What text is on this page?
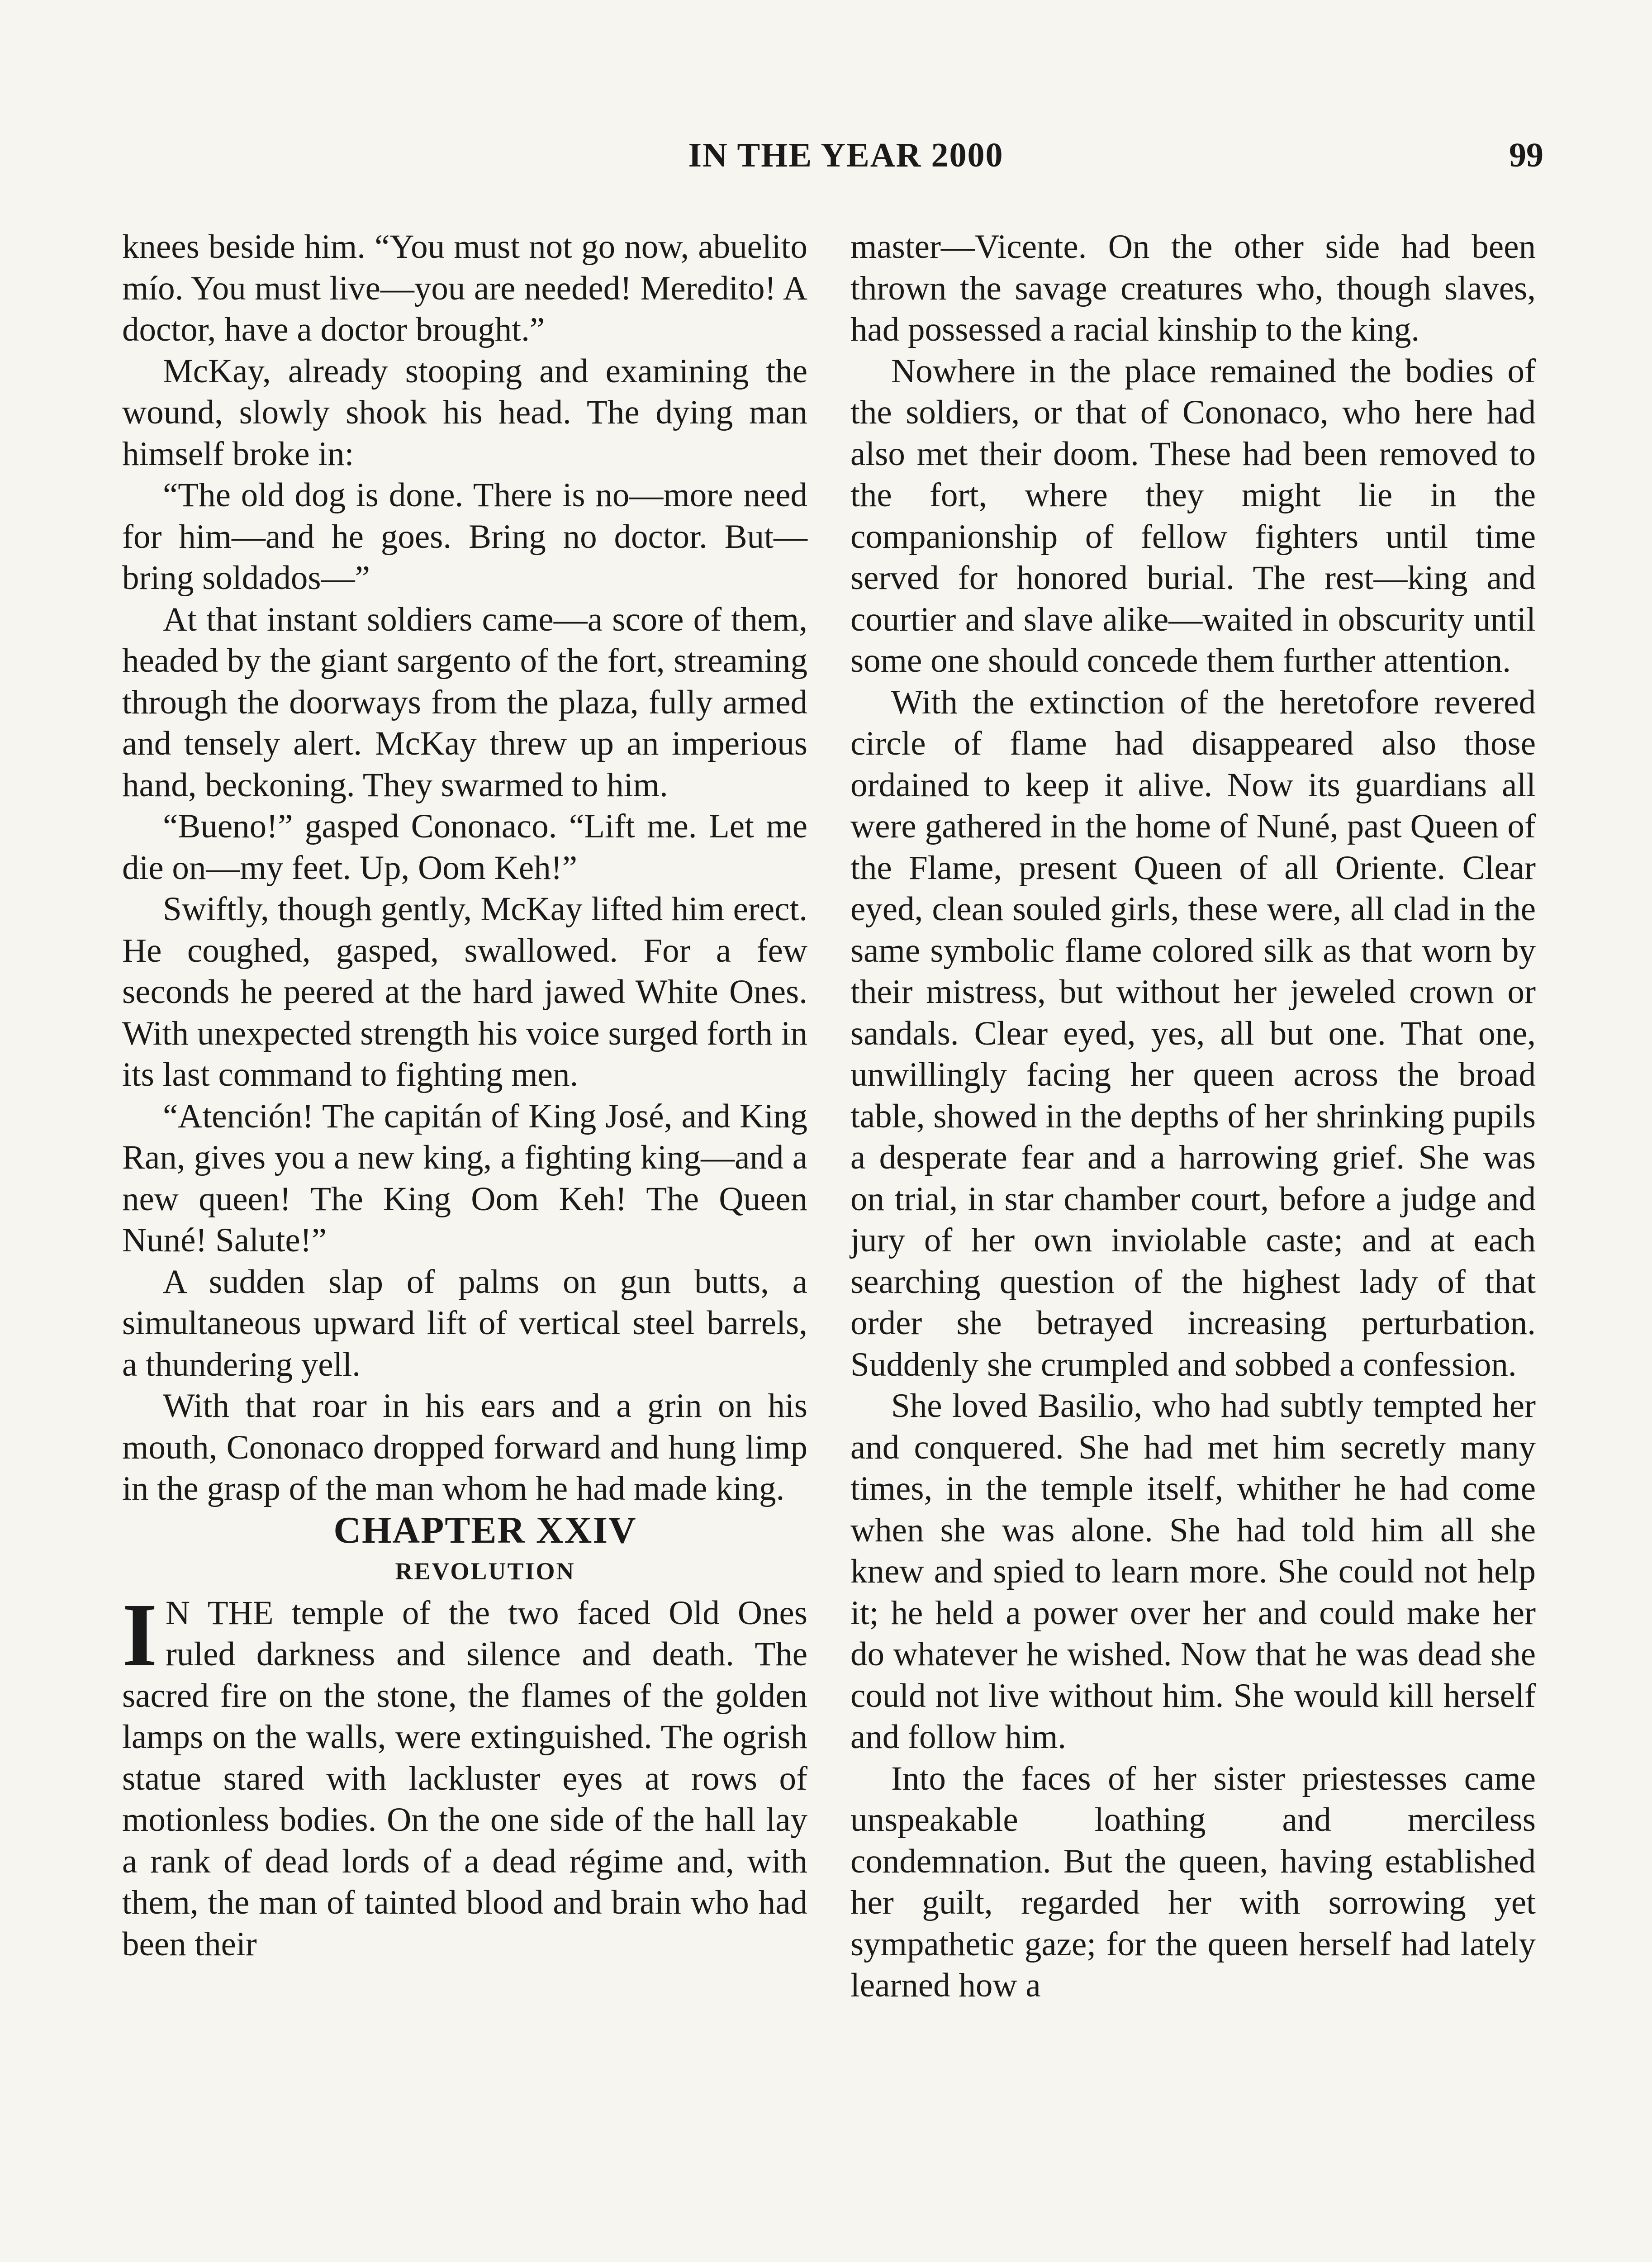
IN THE YEAR 2000	99

knees beside him. “You must not go now, abuelito mío. You must live—you are needed! Meredito! A doctor, have a doctor brought.”

McKay, already stooping and examining the wound, slowly shook his head. The dying man himself broke in:

“The old dog is done. There is no—more need for him—and he goes. Bring no doctor. But—bring soldados—”

At that instant soldiers came—a score of them, headed by the giant sargento of the fort, streaming through the doorways from the plaza, fully armed and tensely alert. McKay threw up an imperious hand, beckoning. They swarmed to him.

“Bueno!” gasped Cononaco. “Lift me. Let me die on—my feet. Up, Oom Keh!”

Swiftly, though gently, McKay lifted him erect. He coughed, gasped, swallowed. For a few seconds he peered at the hard jawed White Ones. With unexpected strength his voice surged forth in its last command to fighting men.

“Atención! The capitán of King José, and King Ran, gives you a new king, a fighting king—and a new queen! The King Oom Keh! The Queen Nuné! Salute!”

A sudden slap of palms on gun butts, a simultaneous upward lift of vertical steel barrels, a thundering yell.

With that roar in his ears and a grin on his mouth, Cononaco dropped forward and hung limp in the grasp of the man whom he had made king.

CHAPTER XXIV

REVOLUTION

I N THE temple of the two faced Old Ones ruled darkness and silence and death. The sacred fire on the stone, the flames of the golden lamps on the walls, were extinguished. The ogrish statue stared with lackluster eyes at rows of motionless bodies. On the one side of the hall lay a rank of dead lords of a dead régime and, with them, the man of tainted blood and brain who had been their

master—Vicente. On the other side had been thrown the savage creatures who, though slaves, had possessed a racial kinship to the king.

Nowhere in the place remained the bodies of the soldiers, or that of Cononaco, who here had also met their doom. These had been removed to the fort, where they might lie in the companionship of fellow fighters until time served for honored burial. The rest—king and courtier and slave alike—waited in obscurity until some one should concede them further attention.

With the extinction of the heretofore revered circle of flame had disappeared also those ordained to keep it alive. Now its guardians all were gathered in the home of Nuné, past Queen of the Flame, present Queen of all Oriente. Clear eyed, clean souled girls, these were, all clad in the same symbolic flame colored silk as that worn by their mistress, but without her jeweled crown or sandals. Clear eyed, yes, all but one. That one, unwillingly facing her queen across the broad table, showed in the depths of her shrinking pupils a desperate fear and a harrowing grief. She was on trial, in star chamber court, before a judge and jury of her own inviolable caste; and at each searching question of the highest lady of that order she betrayed increasing perturbation. Suddenly she crumpled and sobbed a confession.

She loved Basilio, who had subtly tempted her and conquered. She had met him secretly many times, in the temple itself, whither he had come when she was alone. She had told him all she knew and spied to learn more. She could not help it; he held a power over her and could make her do whatever he wished. Now that he was dead she could not live without him. She would kill herself and follow him.

Into the faces of her sister priestesses came unspeakable loathing and merciless condemnation. But the queen, having established her guilt, regarded her with sorrowing yet sympathetic gaze; for the queen herself had lately learned how a
